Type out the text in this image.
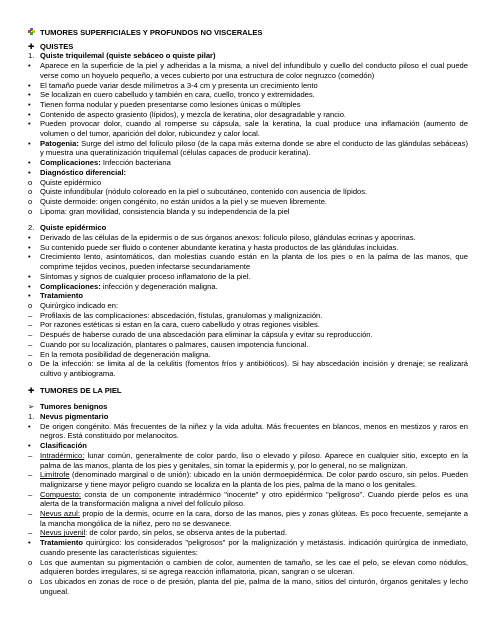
TUMORES SUPERFICIALES Y PROFUNDOS NO VISCERALES
✚ QUISTES
1. Quiste triquilemal (quiste sebáceo o quiste pilar)
•	Aparece en la superficie de la piel y adheridas a la misma, a nivel del infundíbulo y cuello del conducto piloso el cual puede verse como un hoyuelo pequeño, a veces cubierto por una estructura de color negruzco (comedón)
•	El tamaño puede variar desde milímetros a 3-4 cm y presenta un crecimiento lento
•	Se localizan en cuero cabelludo y también en cara, cuello, tronco y extremidades.
•	Tienen forma nodular y pueden presentarse como lesiones únicas o múltiples
•	Contenido de aspecto grasiento (lípidos), y mezcla de keratina, olor desagradable y rancio.
•	Pueden provocar dolor, cuando al romperse su cápsula, sale la keratina, la cual produce una inflamación (aumento de volumen o del tumor, aparición del dolor, rubicundez y calor local.
•	Patogenia: Surge del istmo del folículo piloso (de la capa más externa donde se abre el conducto de las glándulas sebáceas) y muestra una queratinización triquilemal (células capaces de producir keratina).
•	Complicaciones: Infección bacteriana
•	Diagnóstico diferencial:
o	Quiste epidérmico
o	Quiste infundibular (nódulo coloreado en la piel o subcutáneo, contenido con ausencia de lípidos.
o	Quiste dermoide: origen congénito, no están unidos a la piel y se mueven libremente.
o	Lipoma: gran movilidad, consistencia blanda y su independencia de la piel
2. Quiste epidérmico
•	Derivado de las células de la epidermis o de sus órganos anexos: folículo piloso, glándulas ecrinas y apocrinas.
•	Su contenido puede ser fluido o contener abundante keratina y hasta productos de las glándulas incluidas.
•	Crecimiento lento, asintomáticos, dan molestias cuando están en la planta de los pies o en la palma de las manos, que comprime tejidos vecinos, pueden infectarse secundariamente
•	Síntomas y signos de cualquier proceso inflamatorio de la piel.
•	Complicaciones: infección y degeneración maligna.
•	Tratamiento
o	Quirúrgico indicado en:
–	Profilaxis de las complicaciones: abscedación, fístulas, granulomas y malignización.
–	Por razones estéticas si estan en la cara, cuero cabelludo y otras regiones visibles.
–	Después de haberse curado de una abscedación para eliminar la cápsula y evitar su reproducción.
–	Cuando por su localización, plantares o palmares, causen impotencia funcional.
–	En la remota posibilidad de degeneración maligna.
o	De la infección: se limita al de la celulitis (fomentos fríos y antibióticos). Si hay abscedación incisión y drenaje; se realizará cultivo y antibiograma.
✚ TUMORES DE LA PIEL
➢ Tumores benignos
1. Nevus pigmentario
•	De origen congénito. Más frecuentes de la niñez y la vida adulta. Más frecuentes en blancos, menos en mestizos y raros en negros. Está constituido por melanocitos.
•	Clasificación
–	Intradérmico: lunar común, generalmente de color pardo, liso o elevado y piloso. Aparece en cualquier sitio, excepto en la palma de las manos, planta de los pies y genitales, sin tomar la epidermis y, por lo general, no se malignizan.
–	Limítrofe (denominado marginal o de unión): ubicado en la unión dermoepidérmica. De color pardo oscuro, sin pelos. Pueden malignizarse y tiene mayor peligro cuando se localiza en la planta de los pies, palma de la mano o los genitales.
–	Compuesto: consta de un componente intradérmico "inocente" y otro epidérmico "peligroso". Cuando pierde pelos es una alerta de la transformación maligna a nivel del folículo piloso.
–	Nevus azul: propio de la dermis, ocurre en la cara, dorso de las manos, pies y zonas glúteas. Es poco frecuente, semejante a la mancha mongólica de la niñez, pero no se desvanece.
–	Nevus juvenil: de color pardo, sin pelos, se observa antes de la pubertad.
•	Tratamiento quirúrgico: los considerados "peligrosos" por la malignización y metástasis. indicación quirúrgica de inmediato, cuando presente las características siguientes:
o	Los que aumentan su pigmentación o cambien de color, aumenten de tamaño, se les cae el pelo, se elevan como nódulos, adquieren bordes irregulares, si se agrega reacción inflamatoria, pican, sangran o se ulceran.
o	Los ubicados en zonas de roce o de presión, planta del pie, palma de la mano, sitios del cinturón, órganos genitales y lecho ungueal.
